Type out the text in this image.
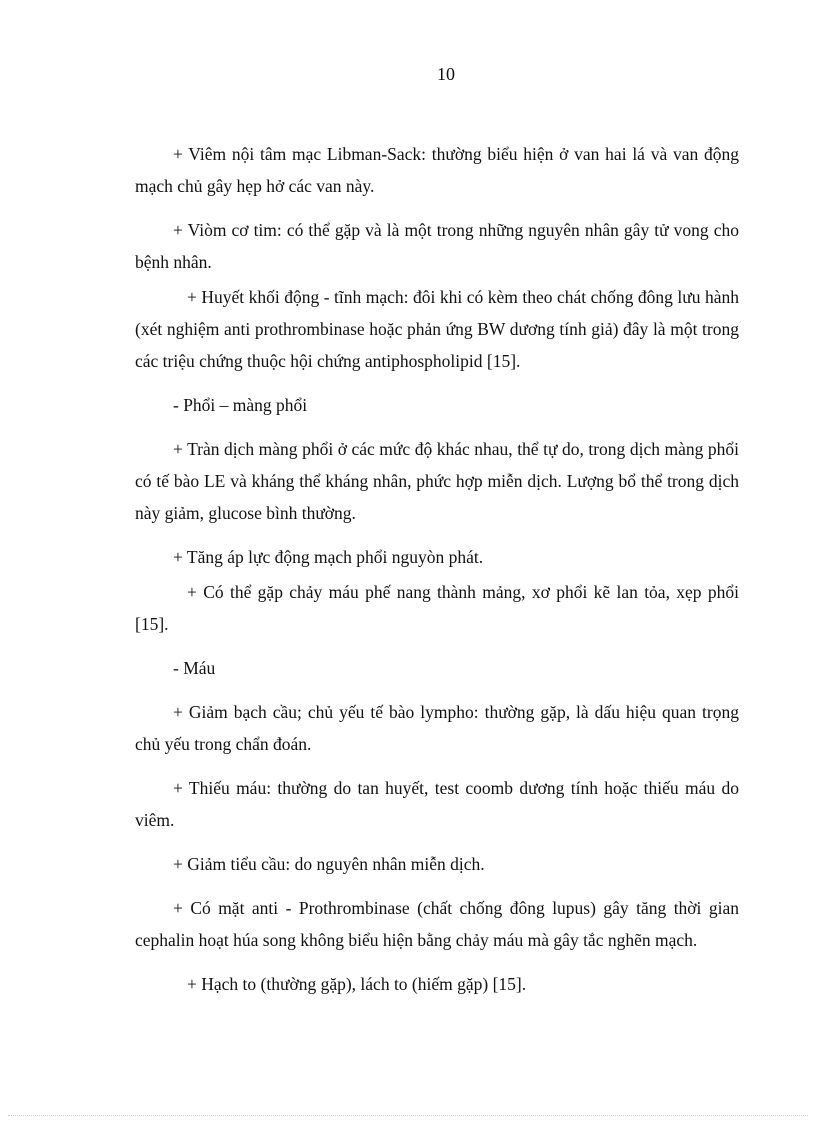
10

+ Viêm nội tâm mạc Libman-Sack: thường biểu hiện ở van hai lá và van động mạch chủ gây hẹp hở các van này.

+ Viòm cơ tim: có thể gặp và là một trong những nguyên nhân gây tử vong cho bệnh nhân.

+ Huyết khối động - tĩnh mạch: đôi khi có kèm theo chát chống đông lưu hành (xét nghiệm anti prothrombinase hoặc phản ứng BW dương tính giả) đây là một trong các triệu chứng thuộc hội chứng antiphospholipid [15].

- Phổi – màng phổi

+ Tràn dịch màng phổi ở các mức độ khác nhau, thể tự do, trong dịch màng phổi có tế bào LE và kháng thể kháng nhân, phức hợp miễn dịch. Lượng bổ thể trong dịch này giảm, glucose bình thường.

+ Tăng áp lực động mạch phổi nguyòn phát.

+ Có thể gặp chảy máu phế nang thành mảng, xơ phổi kẽ lan tỏa, xẹp phổi [15].

- Máu

+ Giảm bạch cầu; chủ yếu tế bào lympho: thường gặp, là dấu hiệu quan trọng chủ yếu trong chẩn đoán.

+ Thiếu máu: thường do tan huyết, test coomb dương tính hoặc thiếu máu do viêm.

+ Giảm tiểu cầu: do nguyên nhân miễn dịch.

+ Có mặt anti - Prothrombinase (chất chống đông lupus) gây tăng thời gian cephalin hoạt húa song không biểu hiện bằng chảy máu mà gây tắc nghẽn mạch.

+ Hạch to (thường gặp), lách to (hiếm gặp) [15].
